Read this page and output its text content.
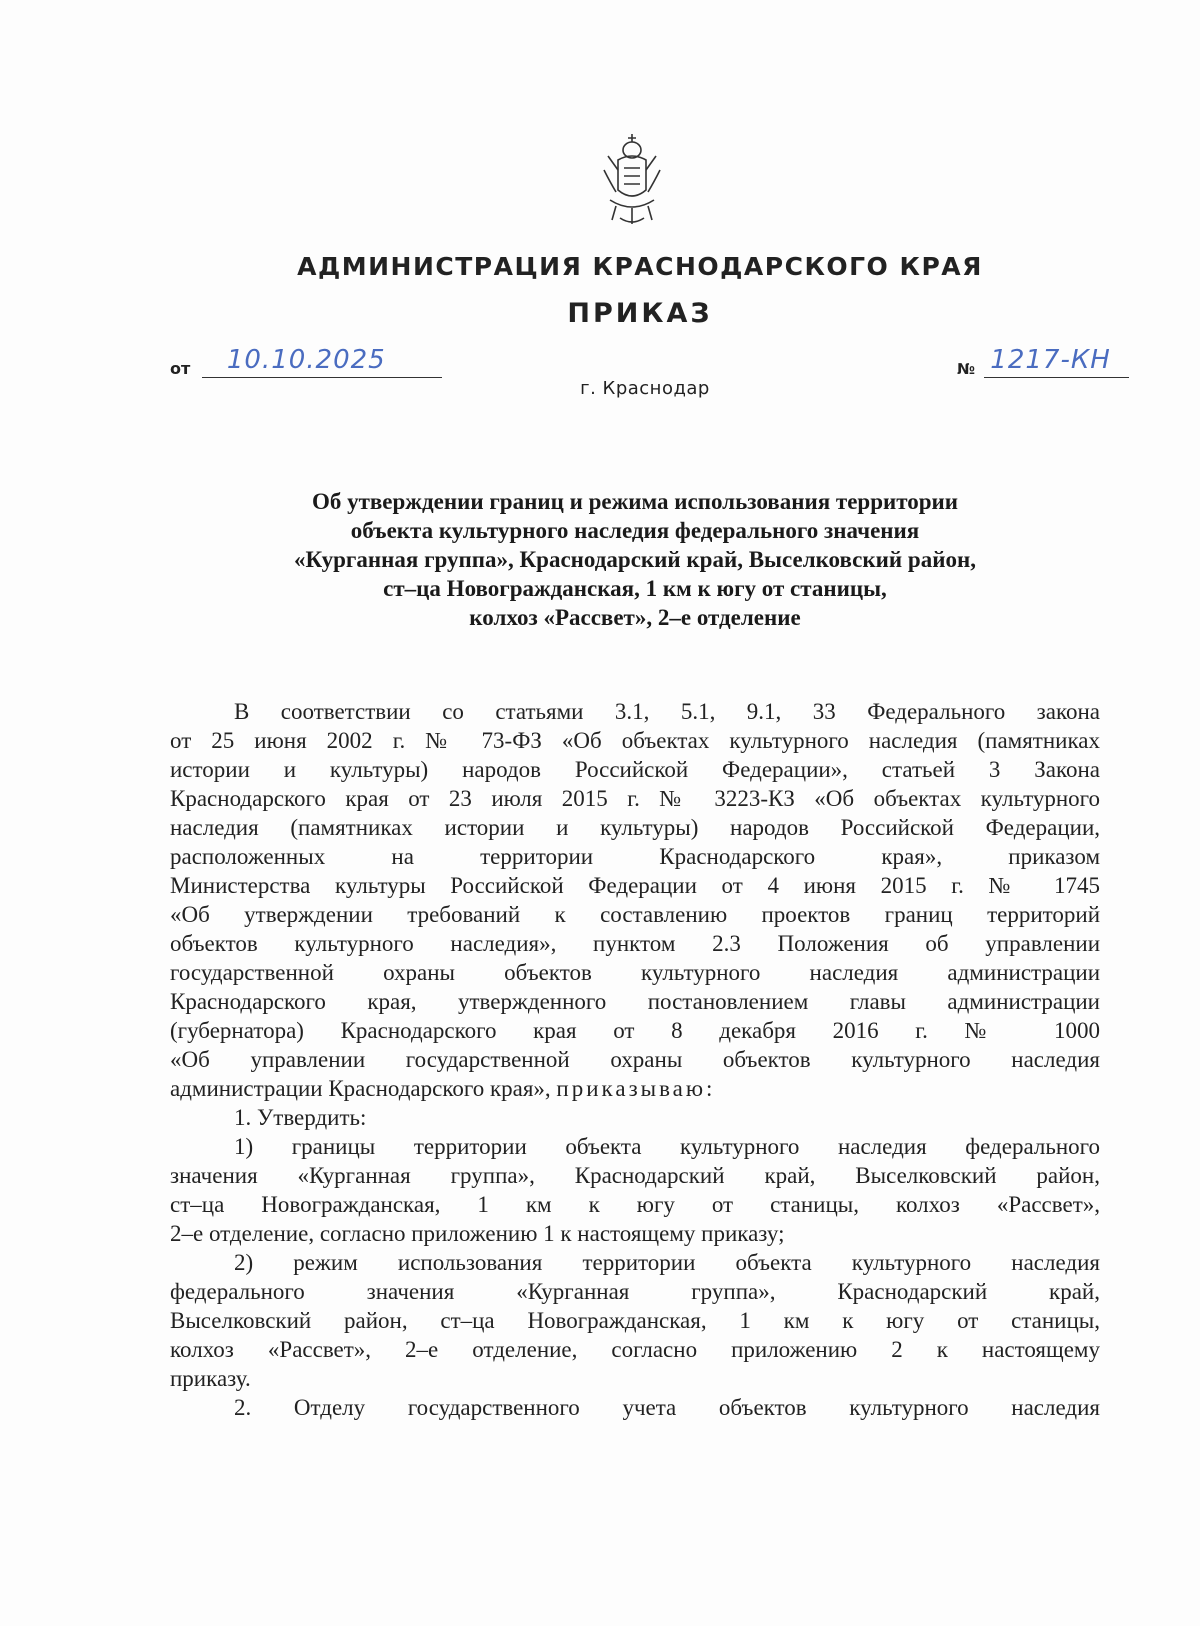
АДМИНИСТРАЦИЯ КРАСНОДАРСКОГО КРАЯ
ПРИКАЗ
от 10.10.2025	№ 1217-КН
г. Краснодар
Об утверждении границ и режима использования территории
объекта культурного наследия федерального значения
«Курганная группа», Краснодарский край, Выселковский район,
ст–ца Новогражданская, 1 км к югу от станицы,
колхоз «Рассвет», 2–е отделение
В соответствии со статьями 3.1, 5.1, 9.1, 33 Федерального закона
от 25 июня 2002 г. № 73-ФЗ «Об объектах культурного наследия (памятниках
истории и культуры) народов Российской Федерации», статьей 3 Закона
Краснодарского края от 23 июля 2015 г. № 3223-КЗ «Об объектах культурного
наследия (памятниках истории и культуры) народов Российской Федерации,
расположенных на территории Краснодарского края», приказом
Министерства культуры Российской Федерации от 4 июня 2015 г. № 1745
«Об утверждении требований к составлению проектов границ территорий
объектов культурного наследия», пунктом 2.3 Положения об управлении
государственной охраны объектов культурного наследия администрации
Краснодарского края, утвержденного постановлением главы администрации
(губернатора) Краснодарского края от 8 декабря 2016 г. № 1000
«Об управлении государственной охраны объектов культурного наследия
администрации Краснодарского края», приказываю:
1. Утвердить:
1) границы территории объекта культурного наследия федерального
значения «Курганная группа», Краснодарский край, Выселковский район,
ст–ца Новогражданская, 1 км к югу от станицы, колхоз «Рассвет»,
2–е отделение, согласно приложению 1 к настоящему приказу;
2) режим использования территории объекта культурного наследия
федерального значения «Курганная группа», Краснодарский край,
Выселковский район, ст–ца Новогражданская, 1 км к югу от станицы,
колхоз «Рассвет», 2–е отделение, согласно приложению 2 к настоящему
приказу.
2. Отделу государственного учета объектов культурного наследия
